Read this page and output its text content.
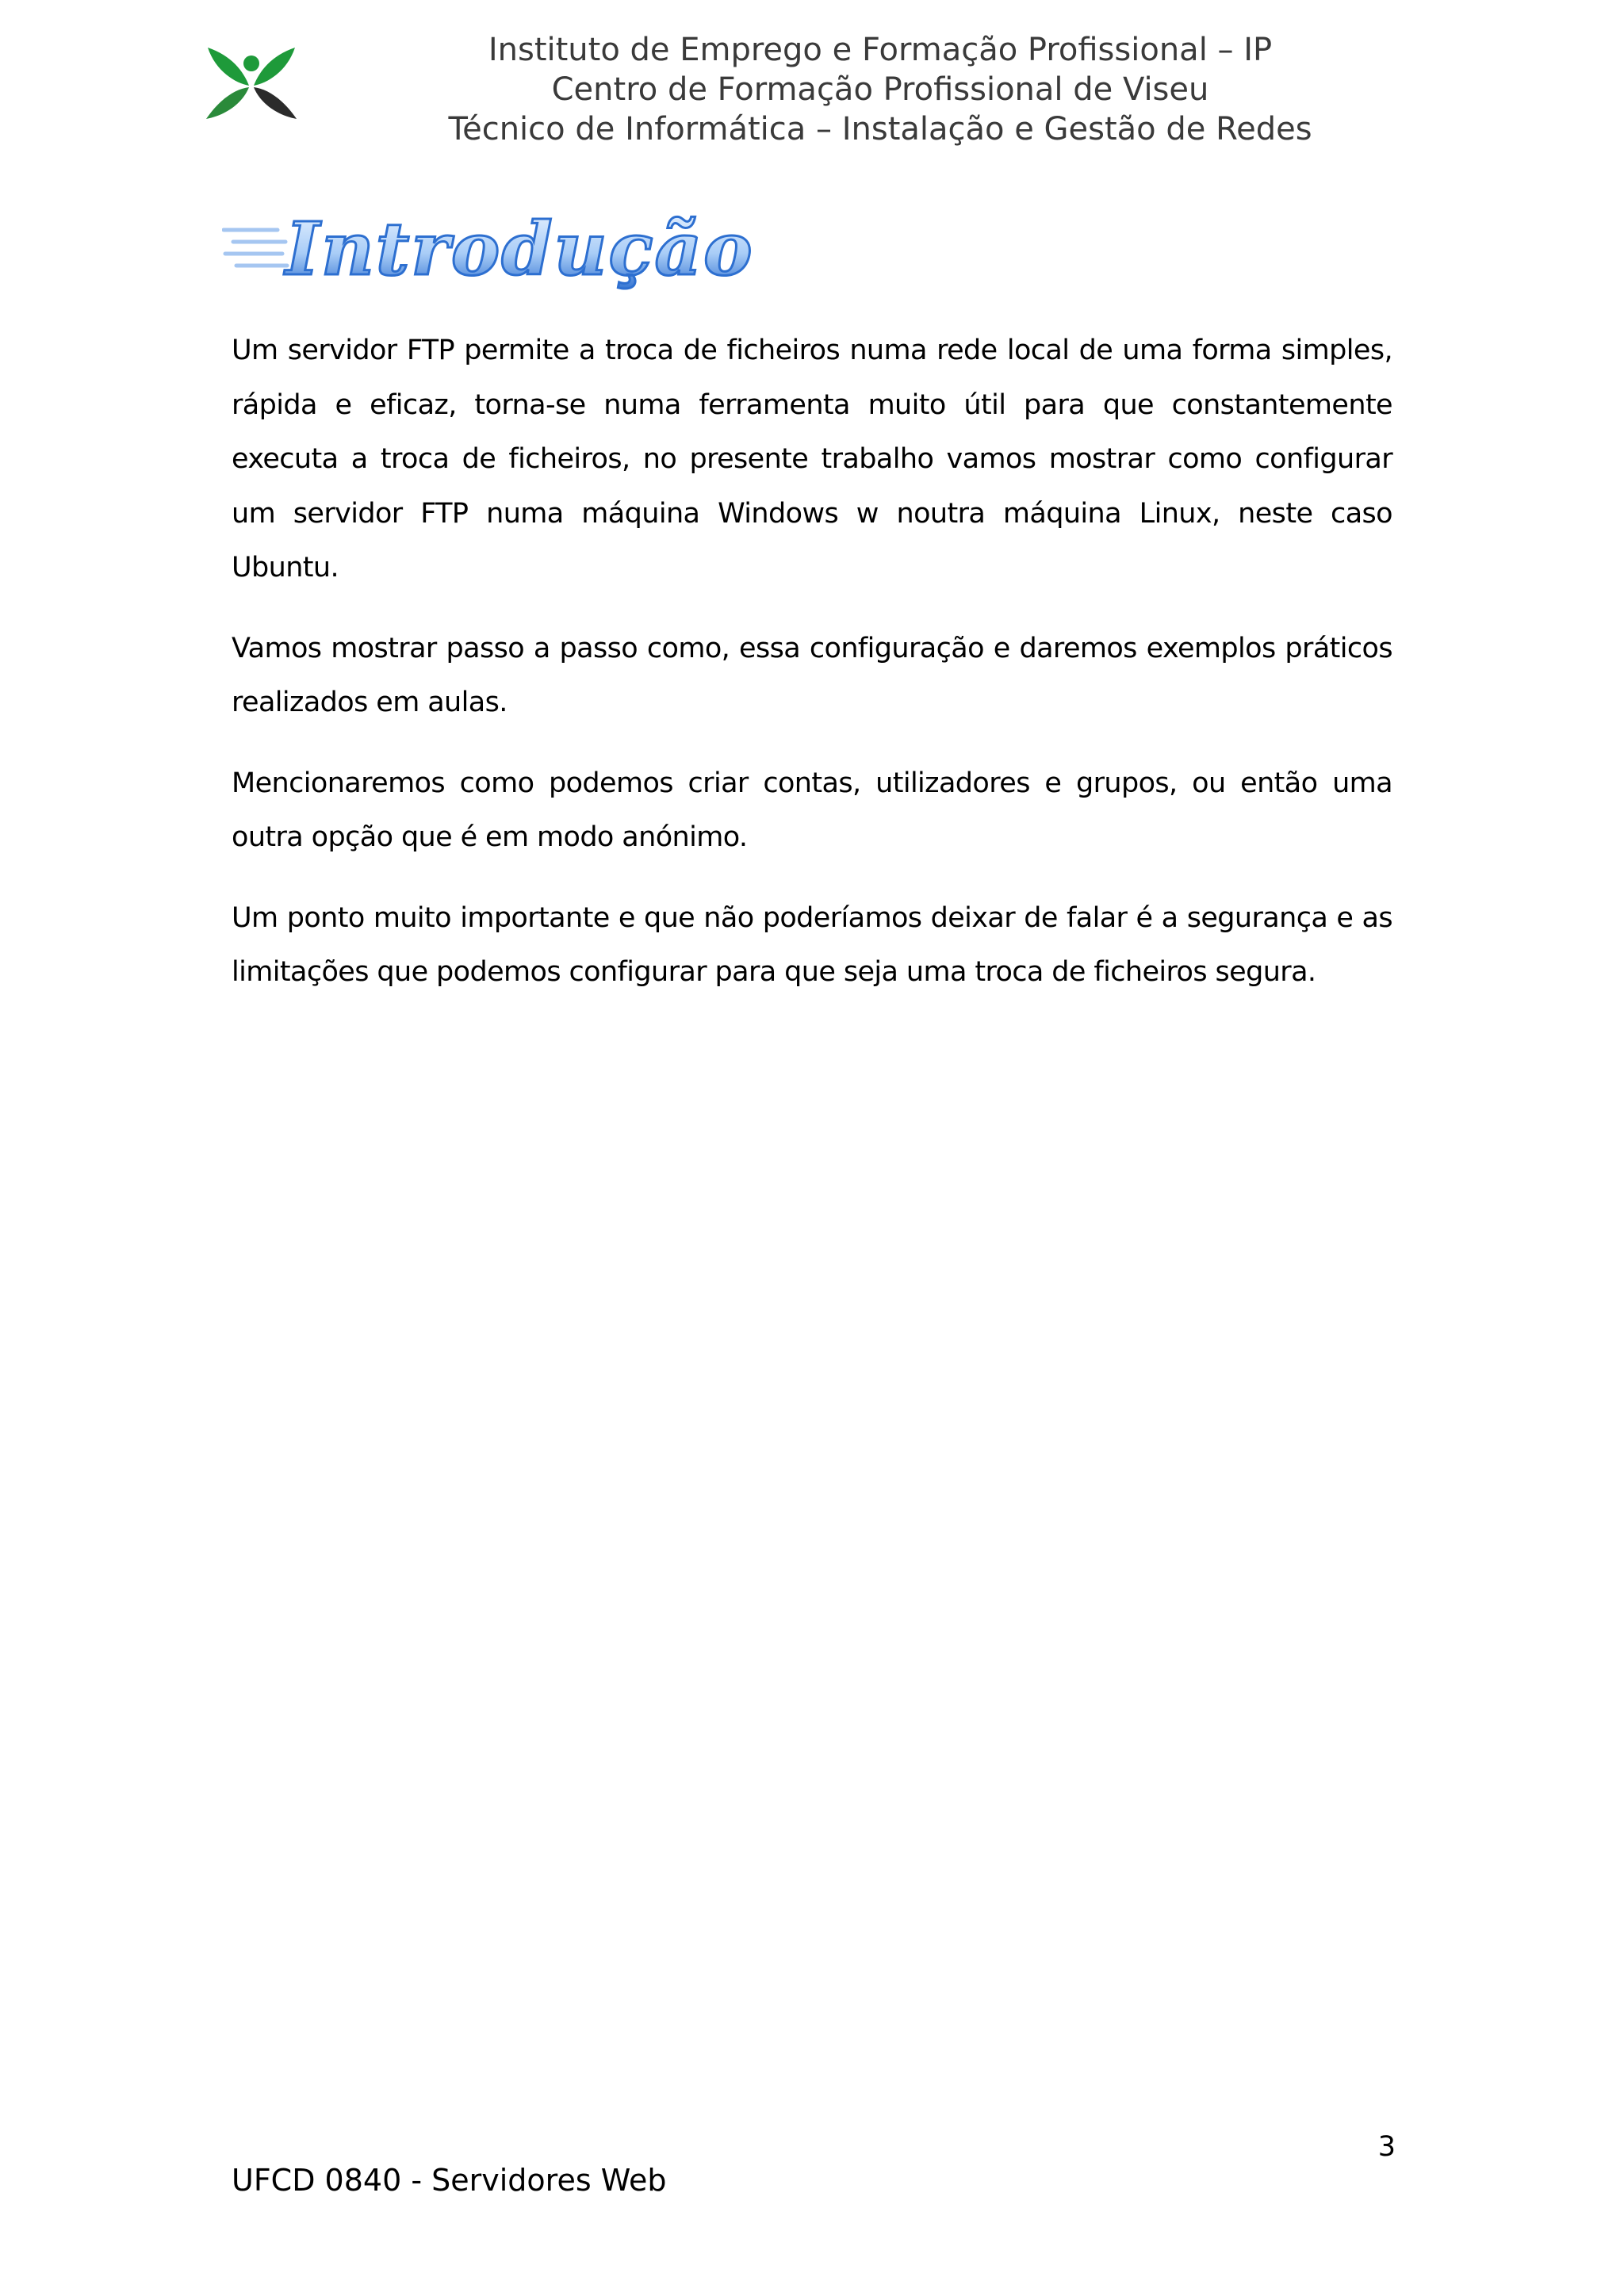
Instituto de Emprego e Formação Profissional – IP
Centro de Formação Profissional de Viseu
Técnico de Informática – Instalação e Gestão de Redes
Introdução

Um servidor FTP permite a troca de ficheiros numa rede local de uma forma simples, rápida e eficaz, torna-se numa ferramenta muito útil para que constantemente executa a troca de ficheiros, no presente trabalho vamos mostrar como configurar um servidor FTP numa máquina Windows w noutra máquina Linux, neste caso Ubuntu.

Vamos mostrar passo a passo como, essa configuração e daremos exemplos práticos realizados em aulas.

Mencionaremos como podemos criar contas, utilizadores e grupos, ou então uma outra opção que é em modo anónimo.

Um ponto muito importante e que não poderíamos deixar de falar é a segurança e as limitações que podemos configurar para que seja uma troca de ficheiros segura.

3
UFCD 0840 - Servidores Web
